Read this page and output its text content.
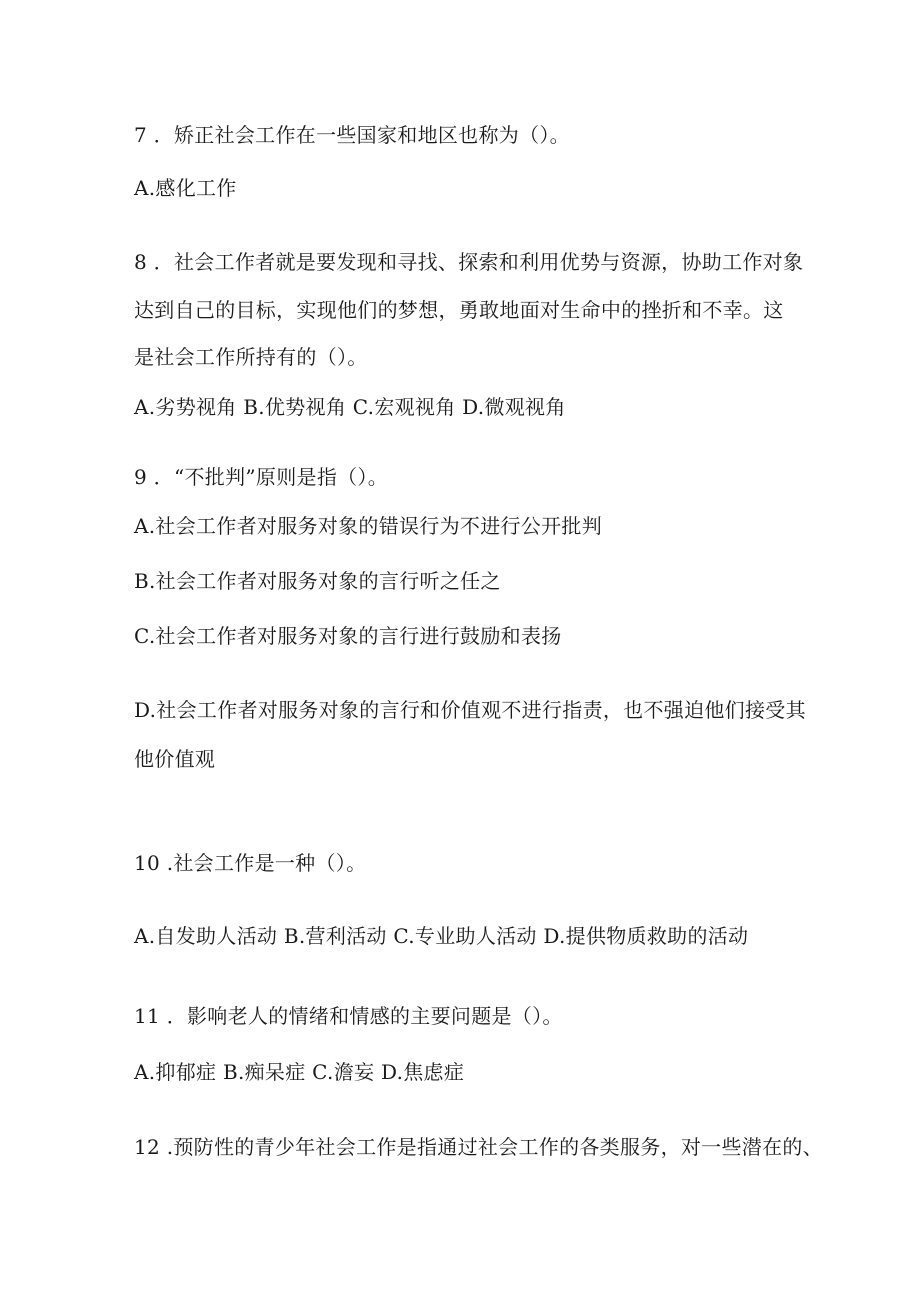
7 ．矫正社会工作在一些国家和地区也称为（）。
A.感化工作
8 ．社会工作者就是要发现和寻找、探索和利用优势与资源，协助工作对象
达到自己的目标，实现他们的梦想，勇敢地面对生命中的挫折和不幸。这
是社会工作所持有的（）。
A.劣势视角 B.优势视角 C.宏观视角 D.微观视角
9 ．“不批判”原则是指（）。
A.社会工作者对服务对象的错误行为不进行公开批判
B.社会工作者对服务对象的言行听之任之
C.社会工作者对服务对象的言行进行鼓励和表扬
D.社会工作者对服务对象的言行和价值观不进行指责，也不强迫他们接受其
他价值观
10 .社会工作是一种（）。
A.自发助人活动 B.营利活动 C.专业助人活动 D.提供物质救助的活动
11 ．影响老人的情绪和情感的主要问题是（）。
A.抑郁症 B.痴呆症 C.澹妄 D.焦虑症
12 .预防性的青少年社会工作是指通过社会工作的各类服务，对一些潜在的、
